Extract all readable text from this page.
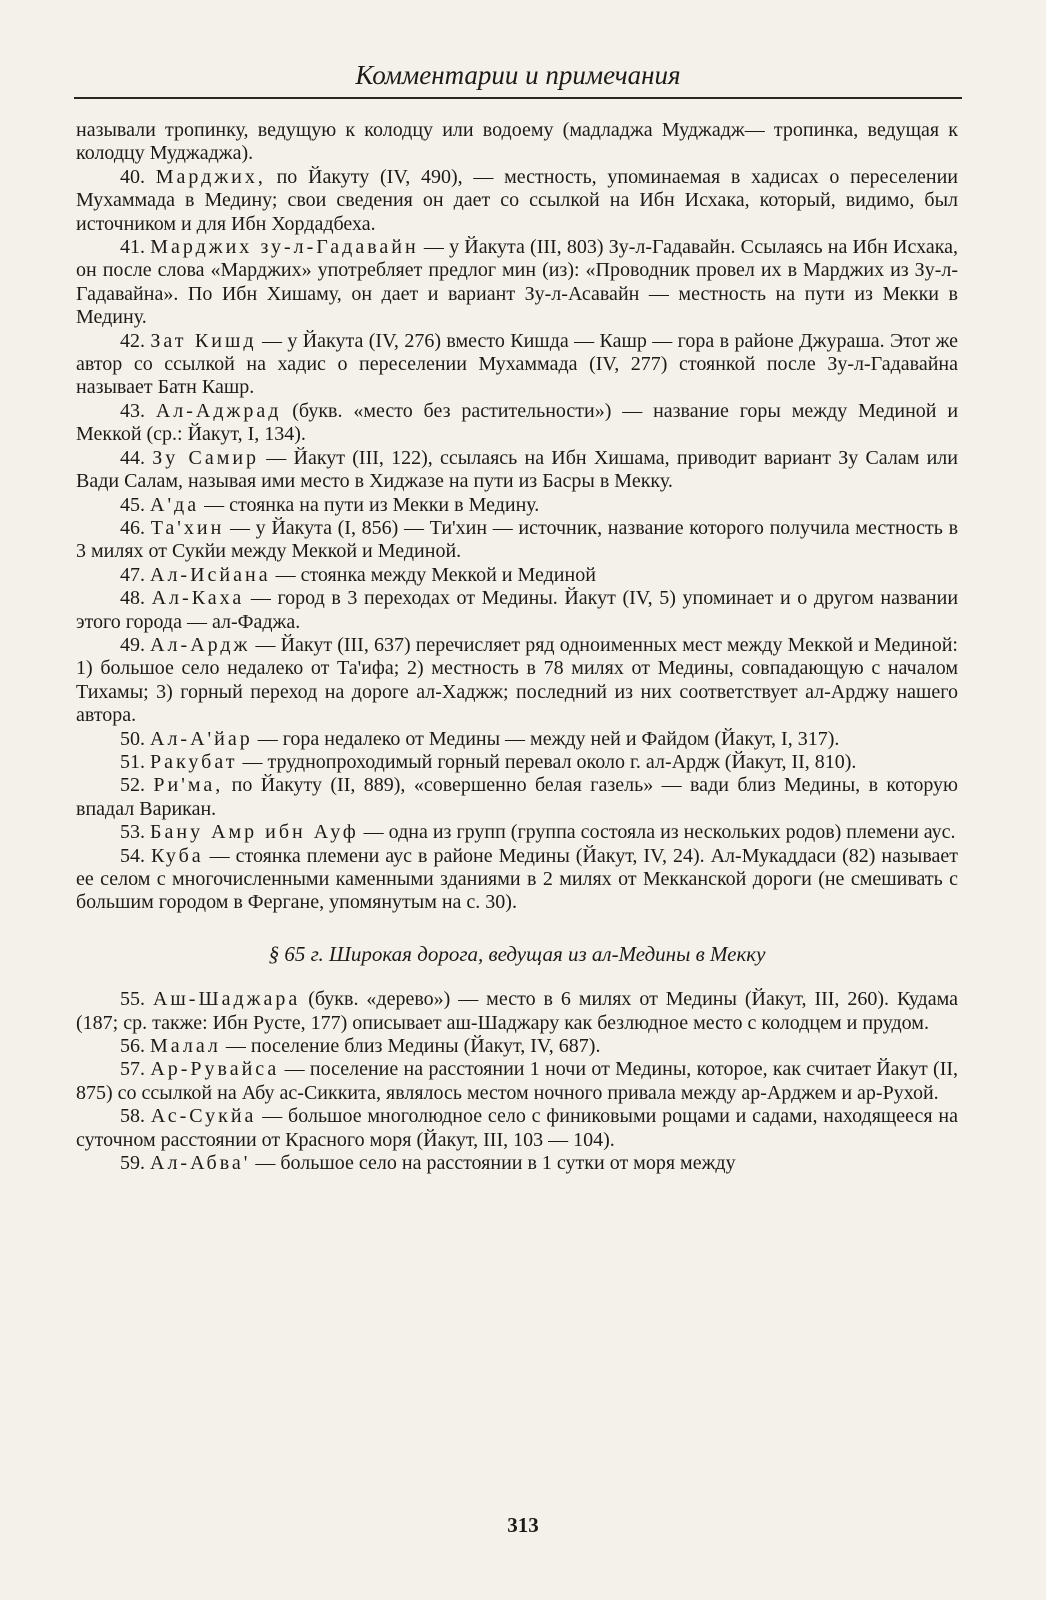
Комментарии и примечания

называли тропинку, ведущую к колодцу или водоему (мадладжа Муджадж— тропинка, ведущая к колодцу Муджаджа).

40. Марджих, по Йакуту (IV, 490), — местность, упоминаемая в хадисах о переселении Мухаммада в Медину; свои сведения он дает со ссылкой на Ибн Исхака, который, видимо, был источником и для Ибн Хордадбеха.

41. Марджих зу-л-Гадавайн — у Йакута (III, 803) Зу-л-Гадавайн. Ссылаясь на Ибн Исхака, он после слова «Марджих» употребляет предлог мин (из): «Проводник провел их в Марджих из Зу-л-Гадавайна». По Ибн Хишаму, он дает и вариант Зу-л-Асавайн — местность на пути из Мекки в Медину.

42. Зат Кишд — у Йакута (IV, 276) вместо Кишда — Кашр — гора в районе Джураша. Этот же автор со ссылкой на хадис о переселении Мухаммада (IV, 277) стоянкой после Зу-л-Гадавайна называет Батн Кашр.

43. Ал-Аджрад (букв. «место без растительности») — название горы между Мединой и Меккой (ср.: Йакут, I, 134).

44. Зу Самир — Йакут (III, 122), ссылаясь на Ибн Хишама, приводит вариант Зу Салам или Вади Салам, называя ими место в Хиджазе на пути из Басры в Мекку.

45. А'да — стоянка на пути из Мекки в Медину.

46. Та'хин — у Йакута (I, 856) — Ти'хин — источник, название которого получила местность в 3 милях от Сукйи между Меккой и Мединой.

47. Ал-Исйана — стоянка между Меккой и Мединой

48. Ал-Каха — город в 3 переходах от Медины. Йакут (IV, 5) упоминает и о другом названии этого города — ал-Фаджа.

49. Ал-Ардж — Йакут (III, 637) перечисляет ряд одноименных мест между Меккой и Мединой: 1) большое село недалеко от Та'ифа; 2) местность в 78 милях от Медины, совпадающую с началом Тихамы; 3) горный переход на дороге ал-Хаджж; последний из них соответствует ал-Арджу нашего автора.

50. Ал-А'йар — гора недалеко от Медины — между ней и Файдом (Йакут, I, 317).

51. Ракубат — труднопроходимый горный перевал около г. ал-Ардж (Йакут, II, 810).

52. Ри'ма, по Йакуту (II, 889), «совершенно белая газель» — вади близ Медины, в которую впадал Варикан.

53. Бану Амр ибн Ауф — одна из групп (группа состояла из нескольких родов) племени аус.

54. Куба — стоянка племени аус в районе Медины (Йакут, IV, 24). Ал-Мукаддаси (82) называет ее селом с многочисленными каменными зданиями в 2 милях от Мекканской дороги (не смешивать с большим городом в Фергане, упомянутым на с. 30).

§ 65 г. Широкая дорога, ведущая из ал-Медины в Мекку

55. Аш-Шаджара (букв. «дерево») — место в 6 милях от Медины (Йакут, III, 260). Кудама (187; ср. также: Ибн Русте, 177) описывает аш-Шаджару как безлюдное место с колодцем и прудом.

56. Малал — поселение близ Медины (Йакут, IV, 687).

57. Ар-Рувайса — поселение на расстоянии 1 ночи от Медины, которое, как считает Йакут (II, 875) со ссылкой на Абу ас-Сиккита, являлось местом ночного привала между ар-Арджем и ар-Рухой.

58. Ас-Сукйа — большое многолюдное село с финиковыми рощами и садами, находящееся на суточном расстоянии от Красного моря (Йакут, III, 103 — 104).

59. Ал-Абва' — большое село на расстоянии в 1 сутки от моря между

313
